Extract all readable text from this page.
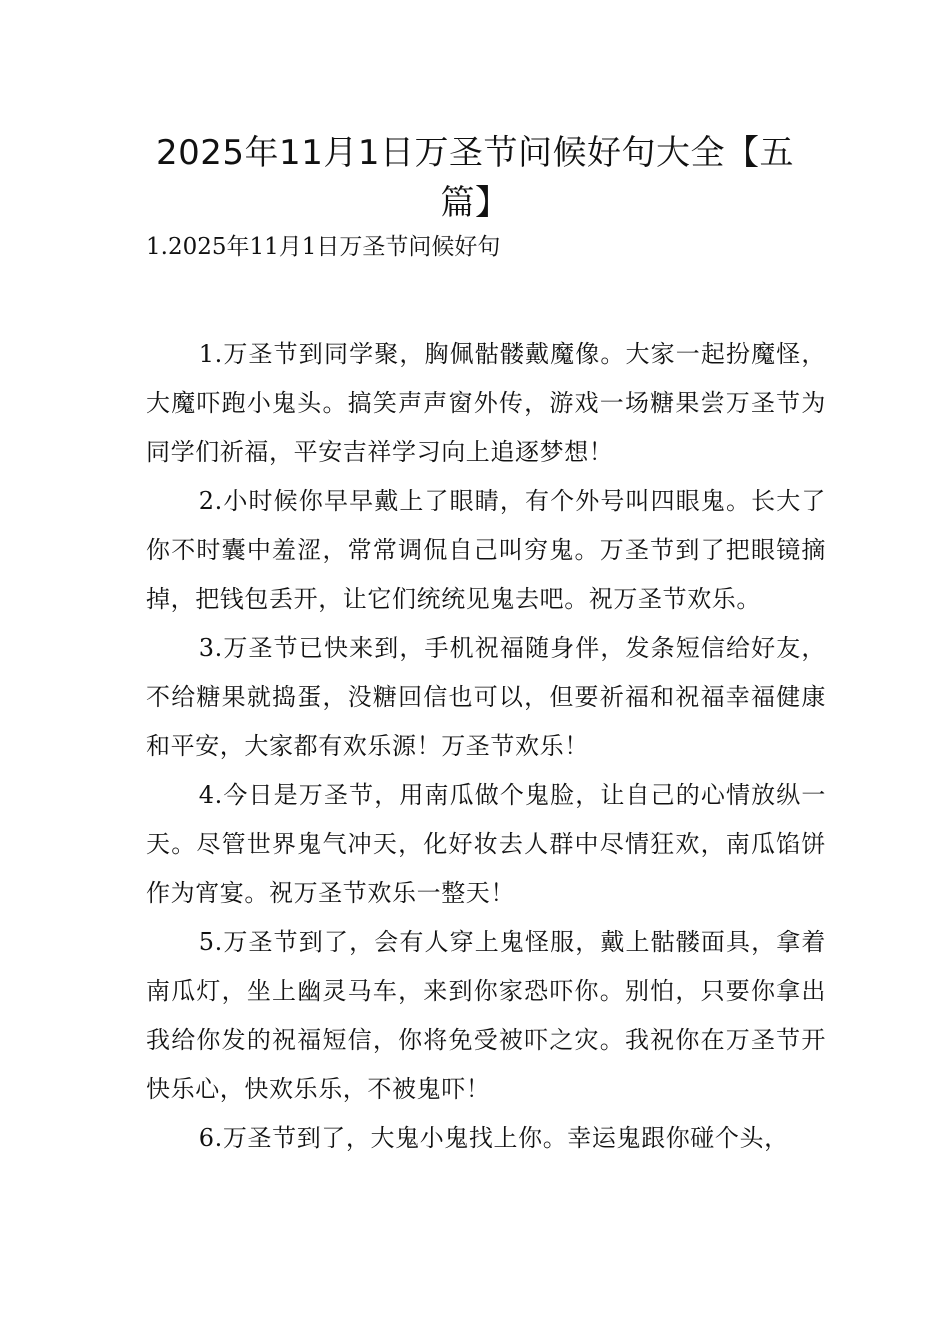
2025年11月1日万圣节问候好句大全【五篇】

1.2025年11月1日万圣节问候好句

1.万圣节到同学聚，胸佩骷髅戴魔像。大家一起扮魔怪，大魔吓跑小鬼头。搞笑声声窗外传，游戏一场糖果尝万圣节为同学们祈福，平安吉祥学习向上追逐梦想！

2.小时候你早早戴上了眼睛，有个外号叫四眼鬼。长大了你不时囊中羞涩，常常调侃自己叫穷鬼。万圣节到了把眼镜摘掉，把钱包丢开，让它们统统见鬼去吧。祝万圣节欢乐。

3.万圣节已快来到，手机祝福随身伴，发条短信给好友，不给糖果就捣蛋，没糖回信也可以，但要祈福和祝福幸福健康和平安，大家都有欢乐源！万圣节欢乐！

4.今日是万圣节，用南瓜做个鬼脸，让自己的心情放纵一天。尽管世界鬼气冲天，化好妆去人群中尽情狂欢，南瓜馅饼作为宵宴。祝万圣节欢乐一整天！

5.万圣节到了，会有人穿上鬼怪服，戴上骷髅面具，拿着南瓜灯，坐上幽灵马车，来到你家恐吓你。别怕，只要你拿出我给你发的祝福短信，你将免受被吓之灾。我祝你在万圣节开快乐心，快欢乐乐，不被鬼吓！

6.万圣节到了，大鬼小鬼找上你。幸运鬼跟你碰个头，
